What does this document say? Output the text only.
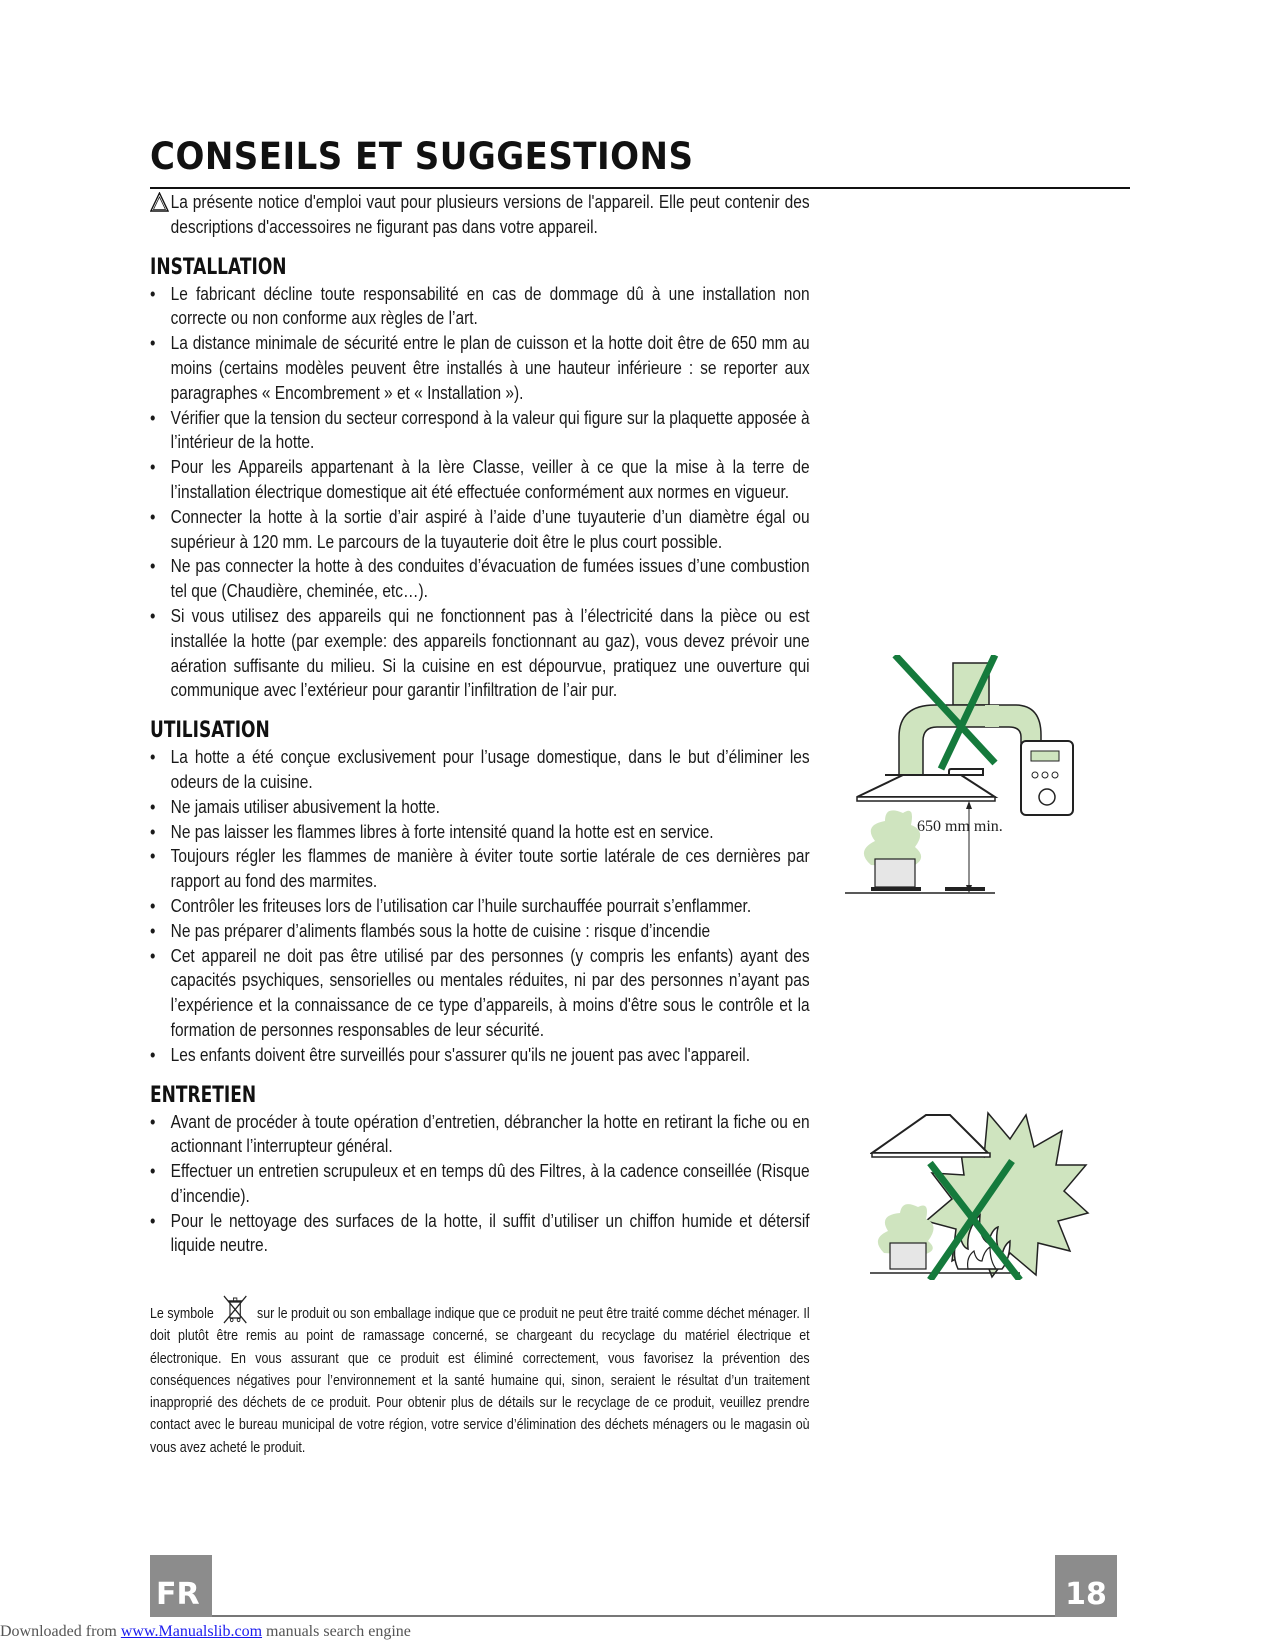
CONSEILS ET SUGGESTIONS
La présente notice d'emploi vaut pour plusieurs versions de l'appareil. Elle peut contenir des descriptions d'accessoires ne figurant pas dans votre appareil.
INSTALLATION
• Le fabricant décline toute responsabilité en cas de dommage dû à une installation non correcte ou non conforme aux règles de l’art.
• La distance minimale de sécurité entre le plan de cuisson et la hotte doit être de 650 mm au moins (certains modèles peuvent être installés à une hauteur inférieure : se reporter aux paragraphes « Encombrement » et « Installation »).
• Vérifier que la tension du secteur correspond à la valeur qui figure sur la plaquette apposée à l’intérieur de la hotte.
• Pour les Appareils appartenant à la Ière Classe, veiller à ce que la mise à la terre de l’installation électrique domestique ait été effectuée conformément aux normes en vigueur.
• Connecter la hotte à la sortie d’air aspiré à l’aide d’une tuyauterie d’un diamètre égal ou supérieur à 120 mm. Le parcours de la tuyauterie doit être le plus court possible.
• Ne pas connecter la hotte à des conduites d’évacuation de fumées issues d’une combustion tel que (Chaudière, cheminée, etc…).
• Si vous utilisez des appareils qui ne fonctionnent pas à l’électricité dans la pièce ou est installée la hotte (par exemple: des appareils fonctionnant au gaz), vous devez prévoir une aération suffisante du milieu. Si la cuisine en est dépourvue, pratiquez une ouverture qui communique avec l’extérieur pour garantir l’infiltration de l’air pur.
UTILISATION
• La hotte a été conçue exclusivement pour l’usage domestique, dans le but d’éliminer les odeurs de la cuisine.
• Ne jamais utiliser abusivement la hotte.
• Ne pas laisser les flammes libres à forte intensité quand la hotte est en service.
• Toujours régler les flammes de manière à éviter toute sortie latérale de ces dernières par rapport au fond des marmites.
• Contrôler les friteuses lors de l’utilisation car l’huile surchauffée pourrait s’enflammer.
• Ne pas préparer d’aliments flambés sous la hotte de cuisine : risque d’incendie
• Cet appareil ne doit pas être utilisé par des personnes (y compris les enfants) ayant des capacités psychiques, sensorielles ou mentales réduites, ni par des personnes n’ayant pas l’expérience et la connaissance de ce type d’appareils, à moins d'être sous le contrôle et la formation de personnes responsables de leur sécurité.
• Les enfants doivent être surveillés pour s'assurer qu'ils ne jouent pas avec l'appareil.
ENTRETIEN
• Avant de procéder à toute opération d’entretien, débrancher la hotte en retirant la fiche ou en actionnant l’interrupteur général.
• Effectuer un entretien scrupuleux et en temps dû des Filtres, à la cadence conseillée (Risque d’incendie).
• Pour le nettoyage des surfaces de la hotte, il suffit d’utiliser un chiffon humide et détersif liquide neutre.

Le symbole	sur le produit ou son emballage indique que ce produit ne peut être traité comme déchet ménager. Il doit plutôt être remis au point de ramassage concerné, se chargeant du recyclage du matériel électrique et électronique. En vous assurant que ce produit est éliminé correctement, vous favorisez la prévention des conséquences négatives pour l’environnement et la santé humaine qui, sinon, seraient le résultat d’un traitement inapproprié des déchets de ce produit. Pour obtenir plus de détails sur le recyclage de ce produit, veuillez prendre contact avec le bureau municipal de votre région, votre service d’élimination des déchets ménagers ou le magasin où vous avez acheté le produit.

650 mm min.
FR	18
Downloaded from www.Manualslib.com manuals search engine
